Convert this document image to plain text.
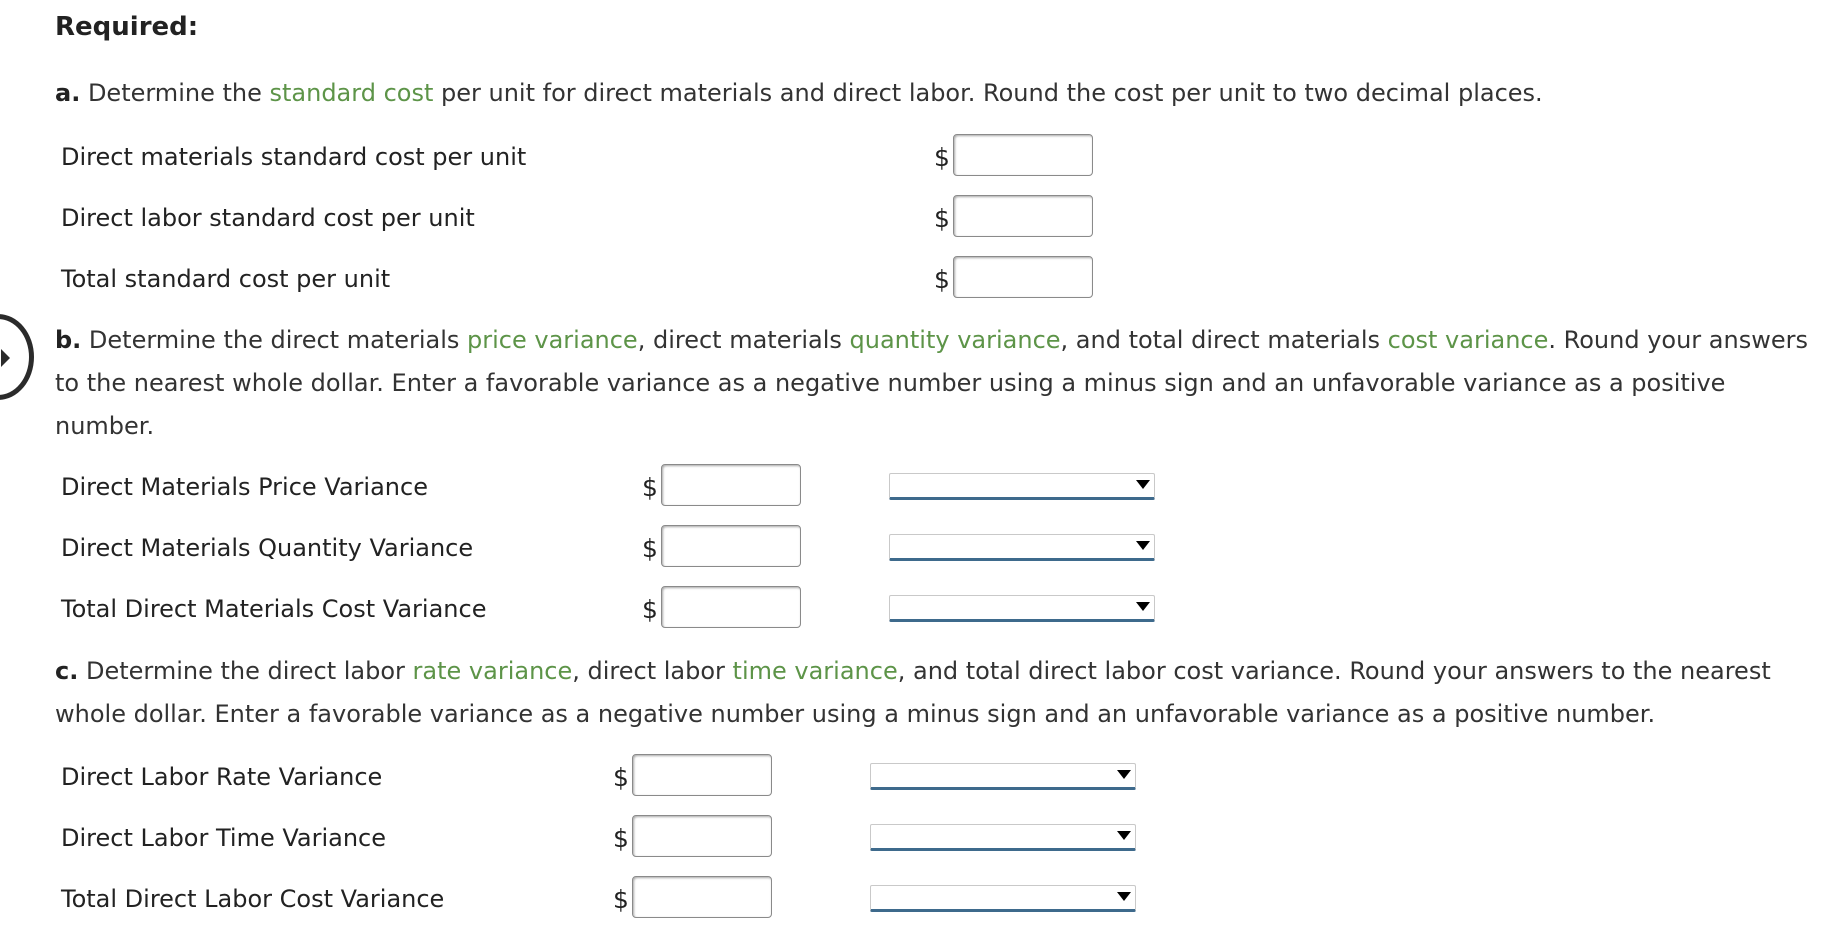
Required:
a. Determine the standard cost per unit for direct materials and direct labor. Round the cost per unit to two decimal places.
Direct materials standard cost per unit	$
Direct labor standard cost per unit	$
Total standard cost per unit	$
b. Determine the direct materials price variance, direct materials quantity variance, and total direct materials cost variance. Round your answers
to the nearest whole dollar. Enter a favorable variance as a negative number using a minus sign and an unfavorable variance as a positive
number.
Direct Materials Price Variance	$
Direct Materials Quantity Variance	$
Total Direct Materials Cost Variance	$
c. Determine the direct labor rate variance, direct labor time variance, and total direct labor cost variance. Round your answers to the nearest
whole dollar. Enter a favorable variance as a negative number using a minus sign and an unfavorable variance as a positive number.
Direct Labor Rate Variance	$
Direct Labor Time Variance	$
Total Direct Labor Cost Variance	$
